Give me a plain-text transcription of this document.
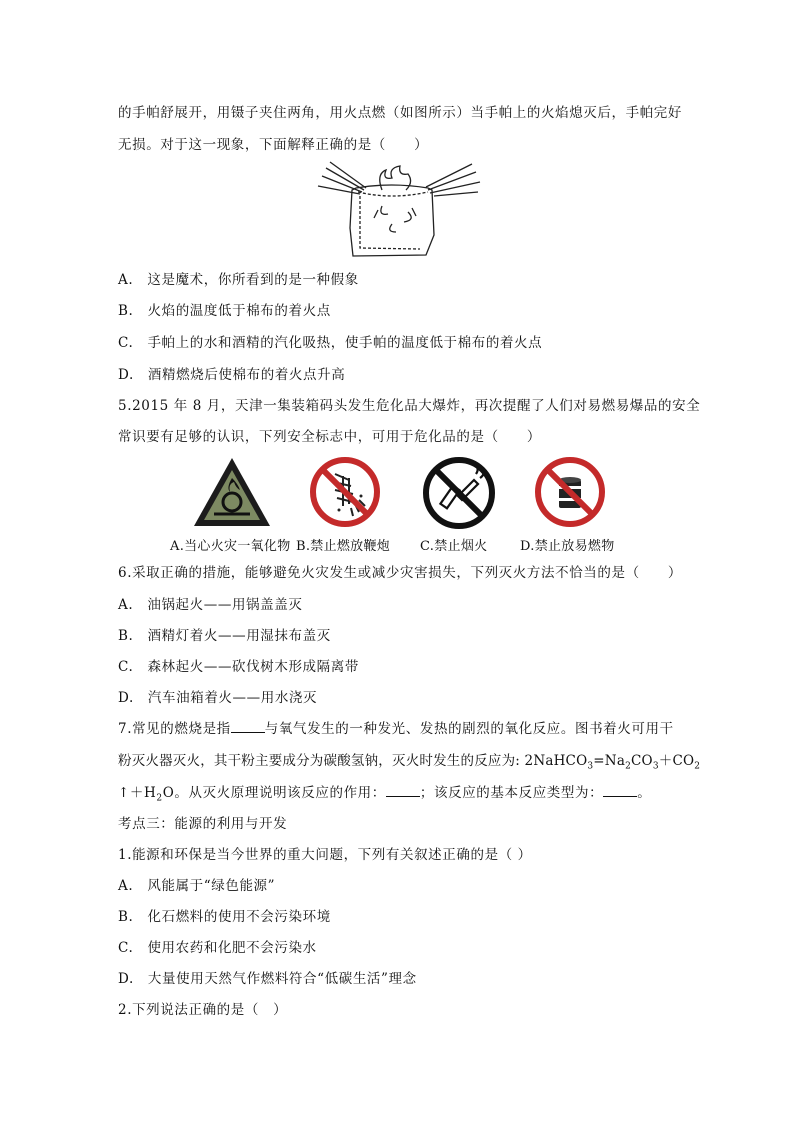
的手帕舒展开，用镊子夹住两角，用火点燃（如图所示）当手帕上的火焰熄灭后，手帕完好
无损。对于这一现象，下面解释正确的是（　　）
A.　这是魔术，你所看到的是一种假象
B.　火焰的温度低于棉布的着火点
C.　手帕上的水和酒精的汽化吸热，使手帕的温度低于棉布的着火点
D.　酒精燃烧后使棉布的着火点升高
5.2015 年 8 月，天津一集装箱码头发生危化品大爆炸，再次提醒了人们对易燃易爆品的安全
常识要有足够的认识，下列安全标志中，可用于危化品的是（　　）
A.当心火灾一氧化物 B.禁止燃放鞭炮 C.禁止烟火	D.禁止放易燃物
6.采取正确的措施，能够避免火灾发生或减少灾害损失，下列灭火方法不恰当的是（　　）
A.　油锅起火——用锅盖盖灭
B.　酒精灯着火——用湿抹布盖灭
C.　森林起火——砍伐树木形成隔离带
D.　汽车油箱着火——用水浇灭
7.常见的燃烧是指	与氧气发生的一种发光、发热的剧烈的氧化反应。图书着火可用干
粉灭火器灭火，其干粉主要成分为碳酸氢钠，灭火时发生的反应为: $2NaHCO_3=Na_2CO_3+CO_2$
$↑+H_2O$。从灭火原理说明该反应的作用：	；该反应的基本反应类型为：	。
考点三：能源的利用与开发
1.能源和环保是当今世界的重大问题，下列有关叙述正确的是（ ）
A.　风能属于“绿色能源”
B.　化石燃料的使用不会污染环境
C.　使用农药和化肥不会污染水
D.　大量使用天然气作燃料符合“低碳生活”理念
2.下列说法正确的是（　）
